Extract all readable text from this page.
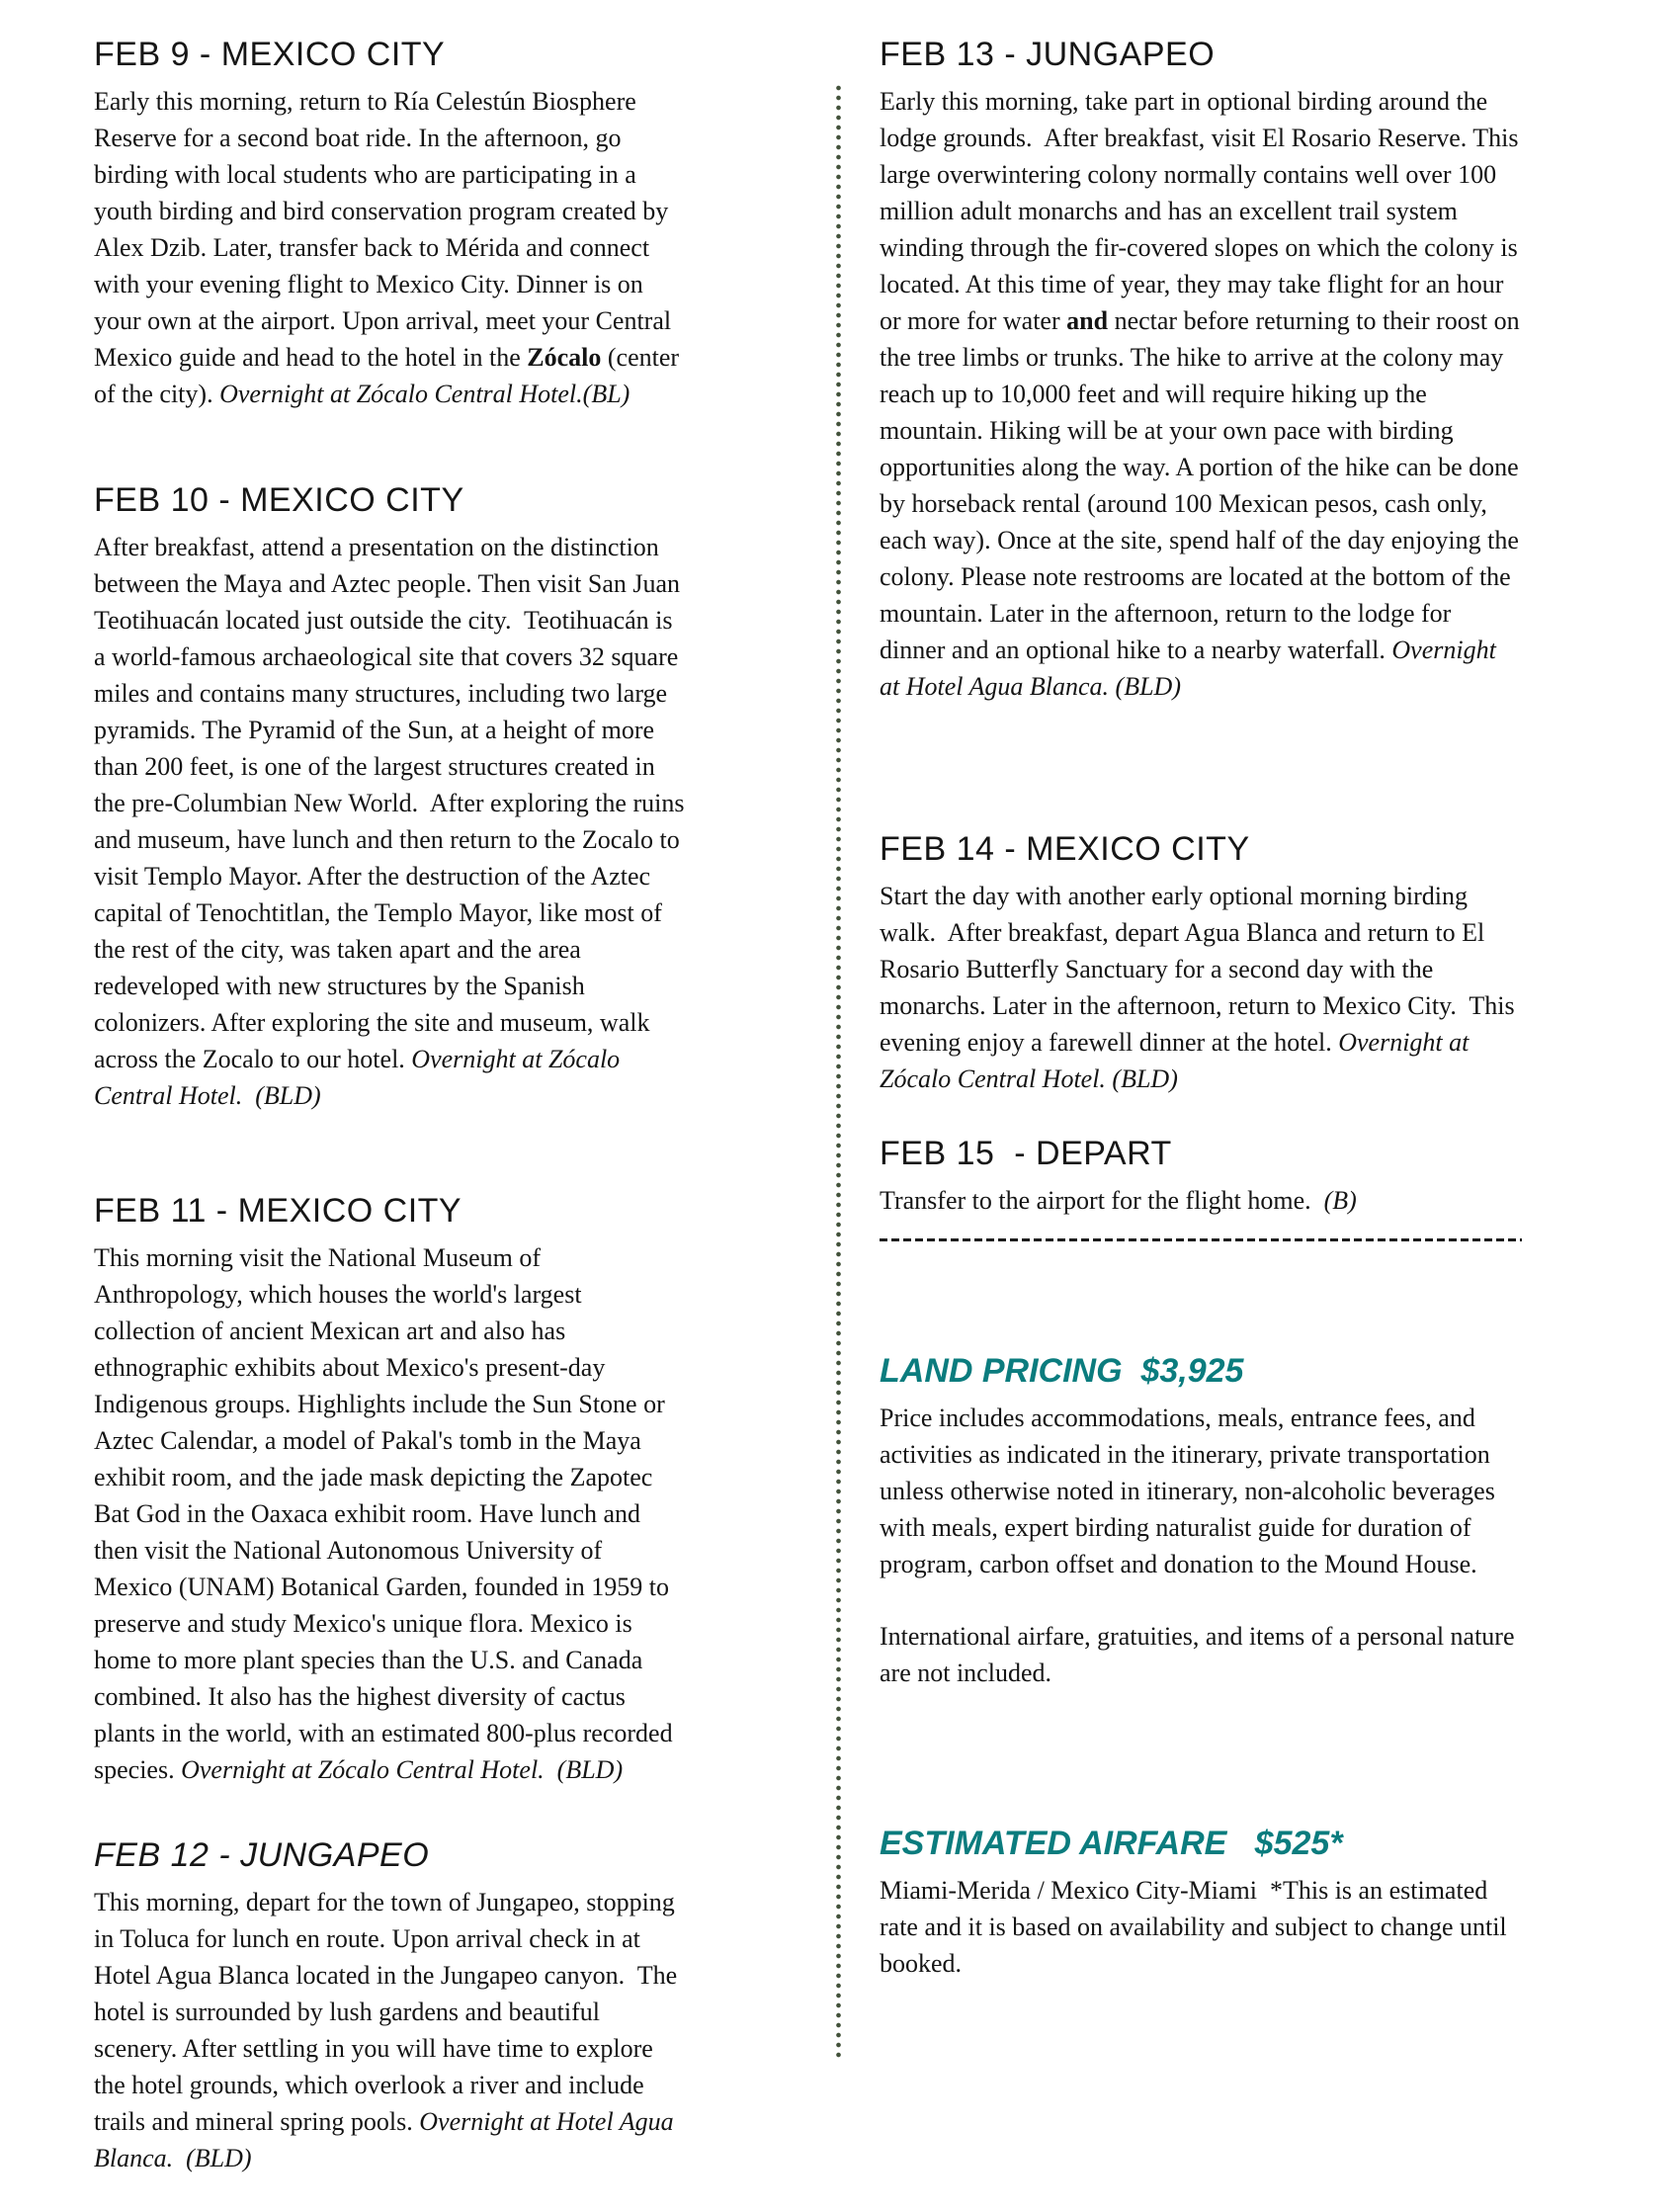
FEB 9 - MEXICO CITY

Early this morning, return to Ría Celestún Biosphere Reserve for a second boat ride. In the afternoon, go birding with local students who are participating in a youth birding and bird conservation program created by Alex Dzib. Later, transfer back to Mérida and connect with your evening flight to Mexico City. Dinner is on your own at the airport. Upon arrival, meet your Central Mexico guide and head to the hotel in the Zócalo (center of the city). Overnight at Zócalo Central Hotel.(BL)

FEB 10 - MEXICO CITY

After breakfast, attend a presentation on the distinction between the Maya and Aztec people. Then visit San Juan Teotihuacán located just outside the city.  Teotihuacán is a world-famous archaeological site that covers 32 square miles and contains many structures, including two large pyramids. The Pyramid of the Sun, at a height of more than 200 feet, is one of the largest structures created in the pre-Columbian New World.  After exploring the ruins and museum, have lunch and then return to the Zocalo to visit Templo Mayor. After the destruction of the Aztec capital of Tenochtitlan, the Templo Mayor, like most of the rest of the city, was taken apart and the area redeveloped with new structures by the Spanish colonizers. After exploring the site and museum, walk across the Zocalo to our hotel. Overnight at Zócalo Central Hotel.  (BLD)

FEB 11 - MEXICO CITY

This morning visit the National Museum of Anthropology, which houses the world's largest collection of ancient Mexican art and also has ethnographic exhibits about Mexico's present-day Indigenous groups. Highlights include the Sun Stone or Aztec Calendar, a model of Pakal's tomb in the Maya exhibit room, and the jade mask depicting the Zapotec Bat God in the Oaxaca exhibit room. Have lunch and then visit the National Autonomous University of Mexico (UNAM) Botanical Garden, founded in 1959 to preserve and study Mexico's unique flora. Mexico is home to more plant species than the U.S. and Canada combined. It also has the highest diversity of cactus plants in the world, with an estimated 800-plus recorded species. Overnight at Zócalo Central Hotel.  (BLD)

FEB 12 - JUNGAPEO

This morning, depart for the town of Jungapeo, stopping in Toluca for lunch en route. Upon arrival check in at Hotel Agua Blanca located in the Jungapeo canyon.  The hotel is surrounded by lush gardens and beautiful scenery. After settling in you will have time to explore the hotel grounds, which overlook a river and include trails and mineral spring pools. Overnight at Hotel Agua Blanca.  (BLD)

FEB 13 - JUNGAPEO

Early this morning, take part in optional birding around the lodge grounds.  After breakfast, visit El Rosario Reserve. This large overwintering colony normally contains well over 100 million adult monarchs and has an excellent trail system winding through the fir-covered slopes on which the colony is located. At this time of year, they may take flight for an hour or more for water and nectar before returning to their roost on the tree limbs or trunks. The hike to arrive at the colony may reach up to 10,000 feet and will require hiking up the mountain. Hiking will be at your own pace with birding opportunities along the way. A portion of the hike can be done by horseback rental (around 100 Mexican pesos, cash only, each way). Once at the site, spend half of the day enjoying the colony. Please note restrooms are located at the bottom of the mountain. Later in the afternoon, return to the lodge for dinner and an optional hike to a nearby waterfall. Overnight at Hotel Agua Blanca. (BLD)

FEB 14 - MEXICO CITY

Start the day with another early optional morning birding walk.  After breakfast, depart Agua Blanca and return to El Rosario Butterfly Sanctuary for a second day with the monarchs. Later in the afternoon, return to Mexico City.  This evening enjoy a farewell dinner at the hotel. Overnight at Zócalo Central Hotel. (BLD)

FEB 15  - DEPART

Transfer to the airport for the flight home.  (B)

LAND PRICING  $3,925

Price includes accommodations, meals, entrance fees, and activities as indicated in the itinerary, private transportation unless otherwise noted in itinerary, non-alcoholic beverages with meals, expert birding naturalist guide for duration of program, carbon offset and donation to the Mound House.

International airfare, gratuities, and items of a personal nature are not included.

ESTIMATED AIRFARE   $525*

Miami-Merida / Mexico City-Miami  *This is an estimated rate and it is based on availability and subject to change until booked.
